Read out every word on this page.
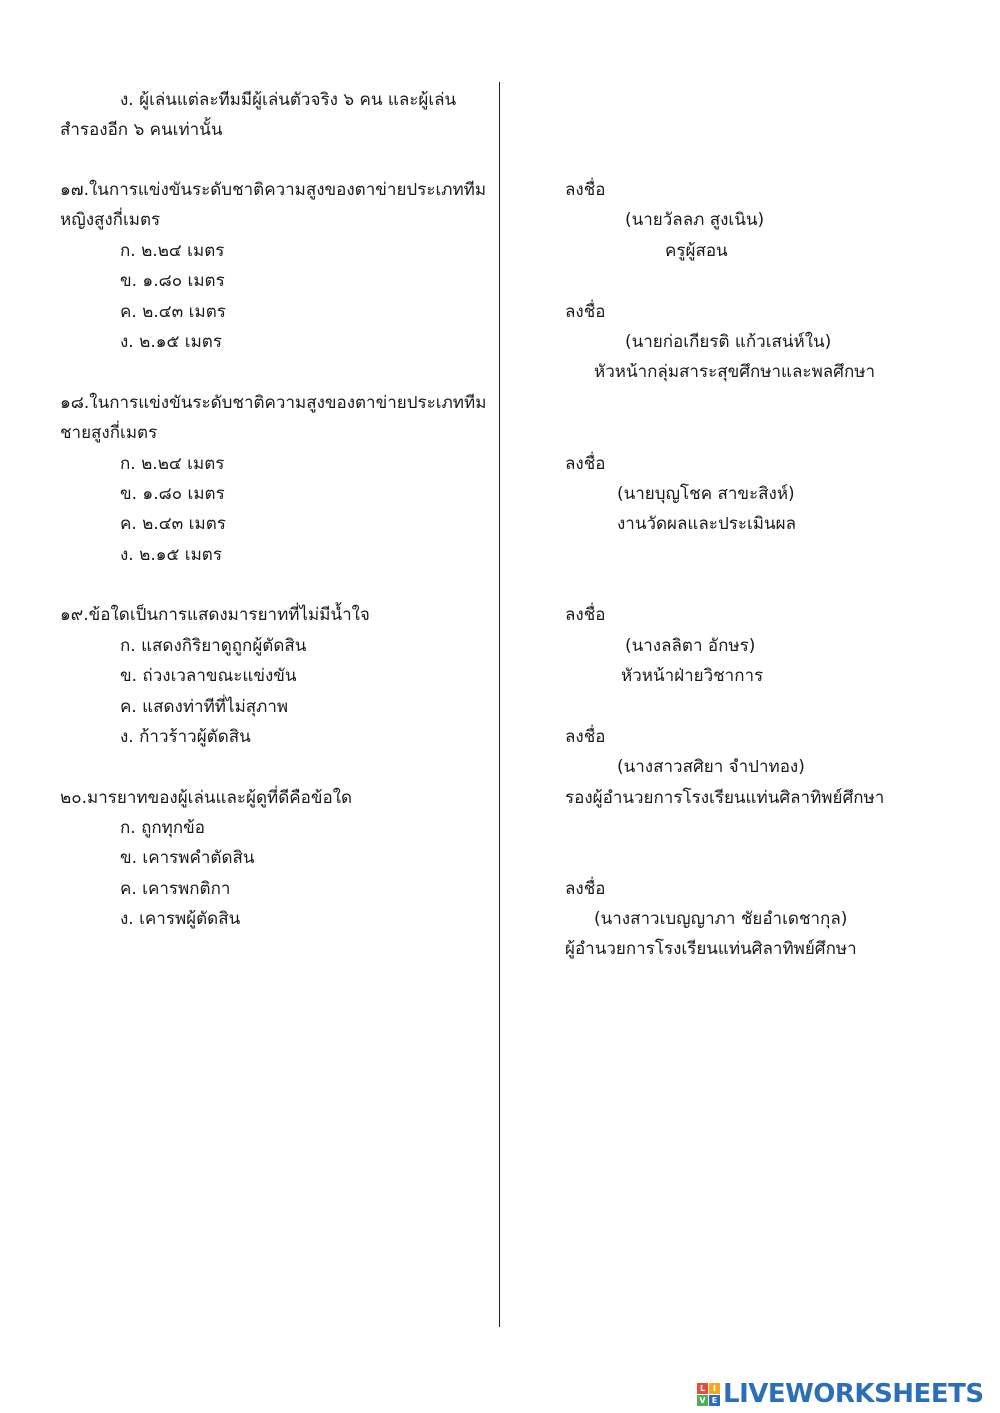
ง. ผู้เล่นแต่ละทีมมีผู้เล่นตัวจริง ๖ คน และผู้เล่น
สำรองอีก ๖ คนเท่านั้น
๑๗.ในการแข่งขันระดับชาติความสูงของตาข่ายประเภททีม
หญิงสูงกี่เมตร
ก. ๒.๒๔ เมตร
ข. ๑.๘๐ เมตร
ค. ๒.๔๓ เมตร
ง. ๒.๑๕ เมตร
๑๘.ในการแข่งขันระดับชาติความสูงของตาข่ายประเภททีม
ชายสูงกี่เมตร
ก. ๒.๒๔ เมตร
ข. ๑.๘๐ เมตร
ค. ๒.๔๓ เมตร
ง. ๒.๑๕ เมตร
๑๙.ข้อใดเป็นการแสดงมารยาทที่ไม่มีน้ำใจ
ก. แสดงกิริยาดูถูกผู้ตัดสิน
ข. ถ่วงเวลาขณะแข่งขัน
ค. แสดงท่าทีที่ไม่สุภาพ
ง. ก้าวร้าวผู้ตัดสิน
๒๐.มารยาทของผู้เล่นและผู้ดูที่ดีคือข้อใด
ก. ถูกทุกข้อ
ข. เคารพคำตัดสิน
ค. เคารพกติกา
ง. เคารพผู้ตัดสิน
ลงชื่อ
(นายวัลลภ สูงเนิน)
ครูผู้สอน
ลงชื่อ
(นายก่อเกียรติ แก้วเสน่ห์ใน)
หัวหน้ากลุ่มสาระสุขศึกษาและพลศึกษา
ลงชื่อ
(นายบุญโชค สาขะสิงห์)
งานวัดผลและประเมินผล
ลงชื่อ
(นางลลิตา อักษร)
หัวหน้าฝ่ายวิชาการ
ลงชื่อ
(นางสาวสศิยา จำปาทอง)
รองผู้อำนวยการโรงเรียนแท่นศิลาทิพย์ศึกษา
ลงชื่อ
(นางสาวเบญญาภา ชัยอำเดชากุล)
ผู้อำนวยการโรงเรียนแท่นศิลาทิพย์ศึกษา
L I
V E LIVEWORKSHEETS
